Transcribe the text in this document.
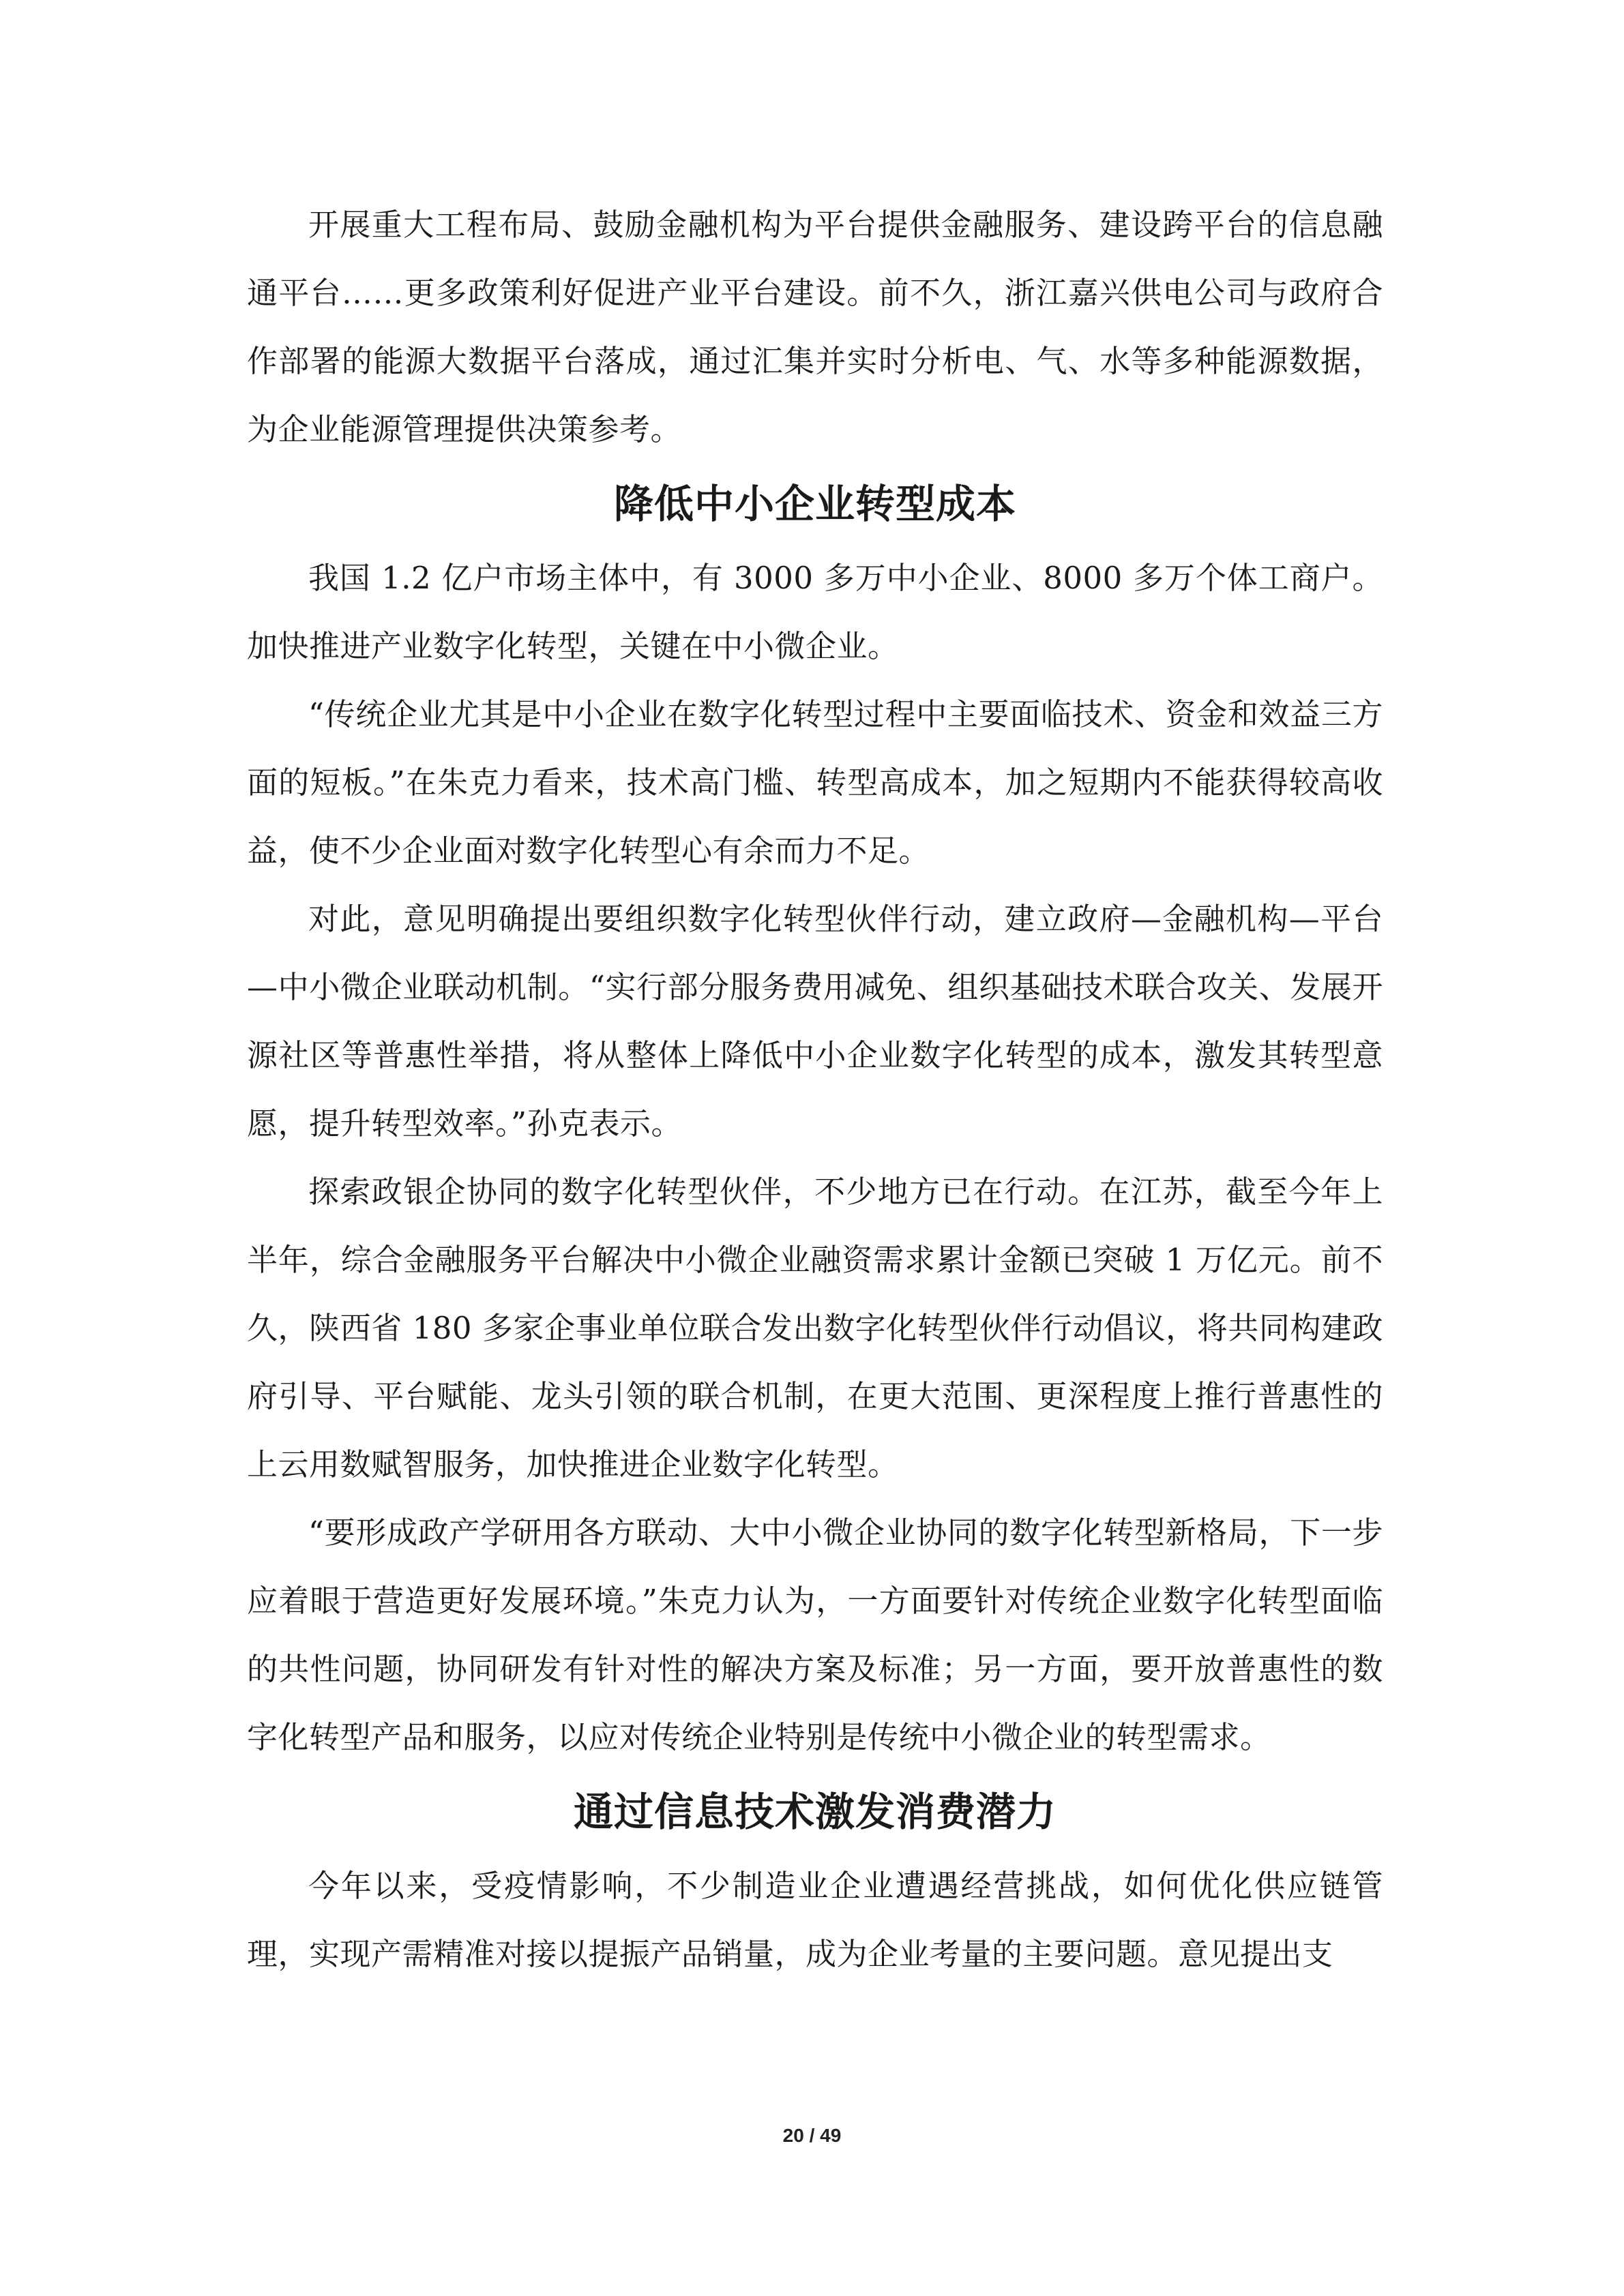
开展重大工程布局、鼓励金融机构为平台提供金融服务、建设跨平台的信息融通平台……更多政策利好促进产业平台建设。前不久，浙江嘉兴供电公司与政府合作部署的能源大数据平台落成，通过汇集并实时分析电、气、水等多种能源数据，为企业能源管理提供决策参考。

降低中小企业转型成本

我国 1.2 亿户市场主体中，有 3000 多万中小企业、8000 多万个体工商户。加快推进产业数字化转型，关键在中小微企业。

“传统企业尤其是中小企业在数字化转型过程中主要面临技术、资金和效益三方面的短板。”在朱克力看来，技术高门槛、转型高成本，加之短期内不能获得较高收益，使不少企业面对数字化转型心有余而力不足。

对此，意见明确提出要组织数字化转型伙伴行动，建立政府—金融机构—平台—中小微企业联动机制。“实行部分服务费用减免、组织基础技术联合攻关、发展开源社区等普惠性举措，将从整体上降低中小企业数字化转型的成本，激发其转型意愿，提升转型效率。”孙克表示。

探索政银企协同的数字化转型伙伴，不少地方已在行动。在江苏，截至今年上半年，综合金融服务平台解决中小微企业融资需求累计金额已突破 1 万亿元。前不久，陕西省 180 多家企事业单位联合发出数字化转型伙伴行动倡议，将共同构建政府引导、平台赋能、龙头引领的联合机制，在更大范围、更深程度上推行普惠性的上云用数赋智服务，加快推进企业数字化转型。

“要形成政产学研用各方联动、大中小微企业协同的数字化转型新格局，下一步应着眼于营造更好发展环境。”朱克力认为，一方面要针对传统企业数字化转型面临的共性问题，协同研发有针对性的解决方案及标准；另一方面，要开放普惠性的数字化转型产品和服务，以应对传统企业特别是传统中小微企业的转型需求。

通过信息技术激发消费潜力

今年以来，受疫情影响，不少制造业企业遭遇经营挑战，如何优化供应链管理，实现产需精准对接以提振产品销量，成为企业考量的主要问题。意见提出支

20 / 49
